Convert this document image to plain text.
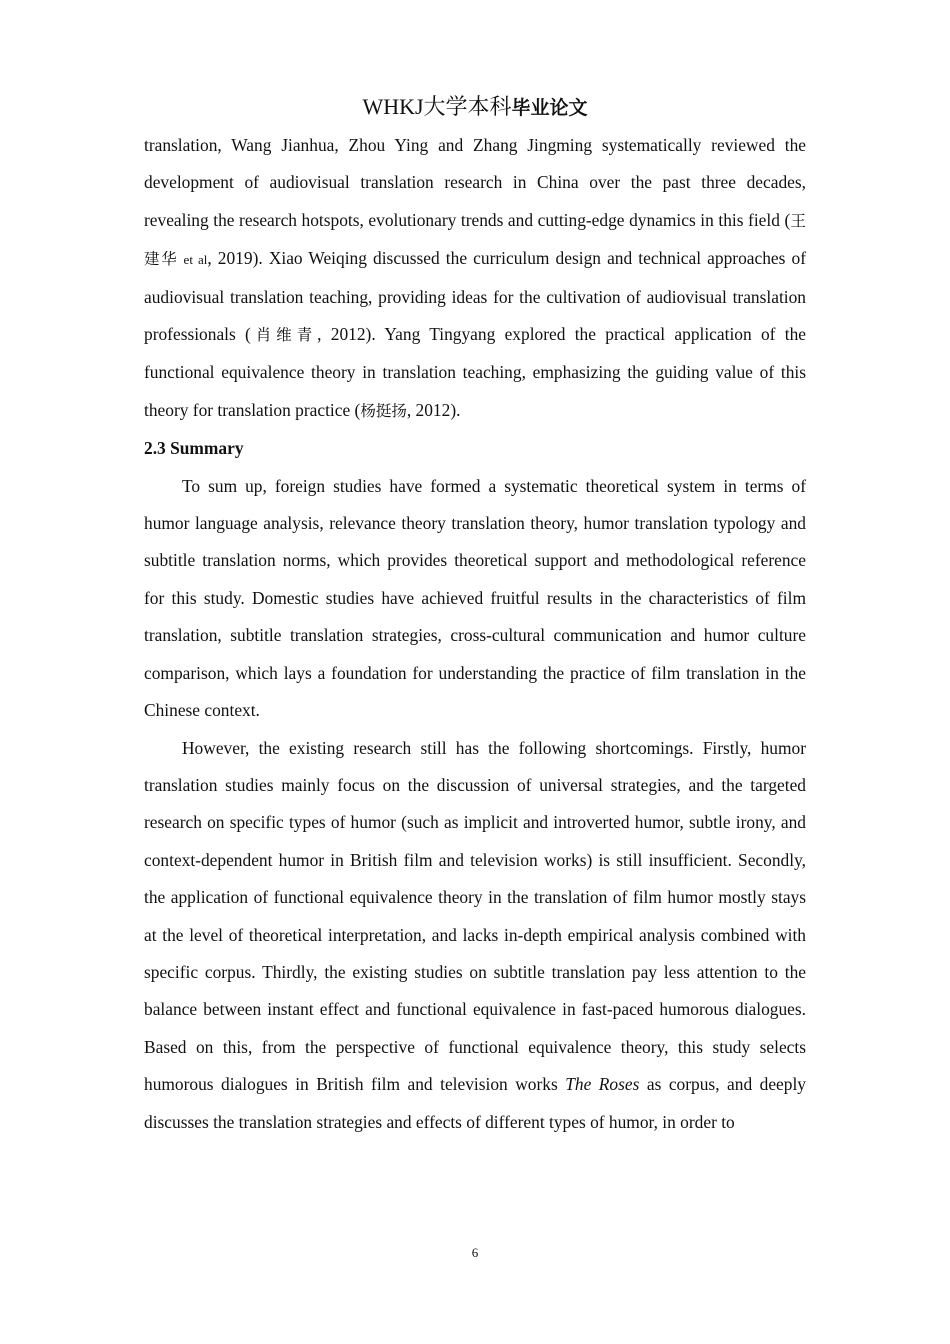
WHKJ大学本科毕业论文

translation, Wang Jianhua, Zhou Ying and Zhang Jingming systematically reviewed the development of audiovisual translation research in China over the past three decades, revealing the research hotspots, evolutionary trends and cutting-edge dynamics in this field (王建华 et al, 2019). Xiao Weiqing discussed the curriculum design and technical approaches of audiovisual translation teaching, providing ideas for the cultivation of audiovisual translation professionals (肖维青, 2012). Yang Tingyang explored the practical application of the functional equivalence theory in translation teaching, emphasizing the guiding value of this theory for translation practice (杨挺扬, 2012).

2.3 Summary

To sum up, foreign studies have formed a systematic theoretical system in terms of humor language analysis, relevance theory translation theory, humor translation typology and subtitle translation norms, which provides theoretical support and methodological reference for this study. Domestic studies have achieved fruitful results in the characteristics of film translation, subtitle translation strategies, cross-cultural communication and humor culture comparison, which lays a foundation for understanding the practice of film translation in the Chinese context.

However, the existing research still has the following shortcomings. Firstly, humor translation studies mainly focus on the discussion of universal strategies, and the targeted research on specific types of humor (such as implicit and introverted humor, subtle irony, and context-dependent humor in British film and television works) is still insufficient. Secondly, the application of functional equivalence theory in the translation of film humor mostly stays at the level of theoretical interpretation, and lacks in-depth empirical analysis combined with specific corpus. Thirdly, the existing studies on subtitle translation pay less attention to the balance between instant effect and functional equivalence in fast-paced humorous dialogues. Based on this, from the perspective of functional equivalence theory, this study selects humorous dialogues in British film and television works The Roses as corpus, and deeply discusses the translation strategies and effects of different types of humor, in order to

6
